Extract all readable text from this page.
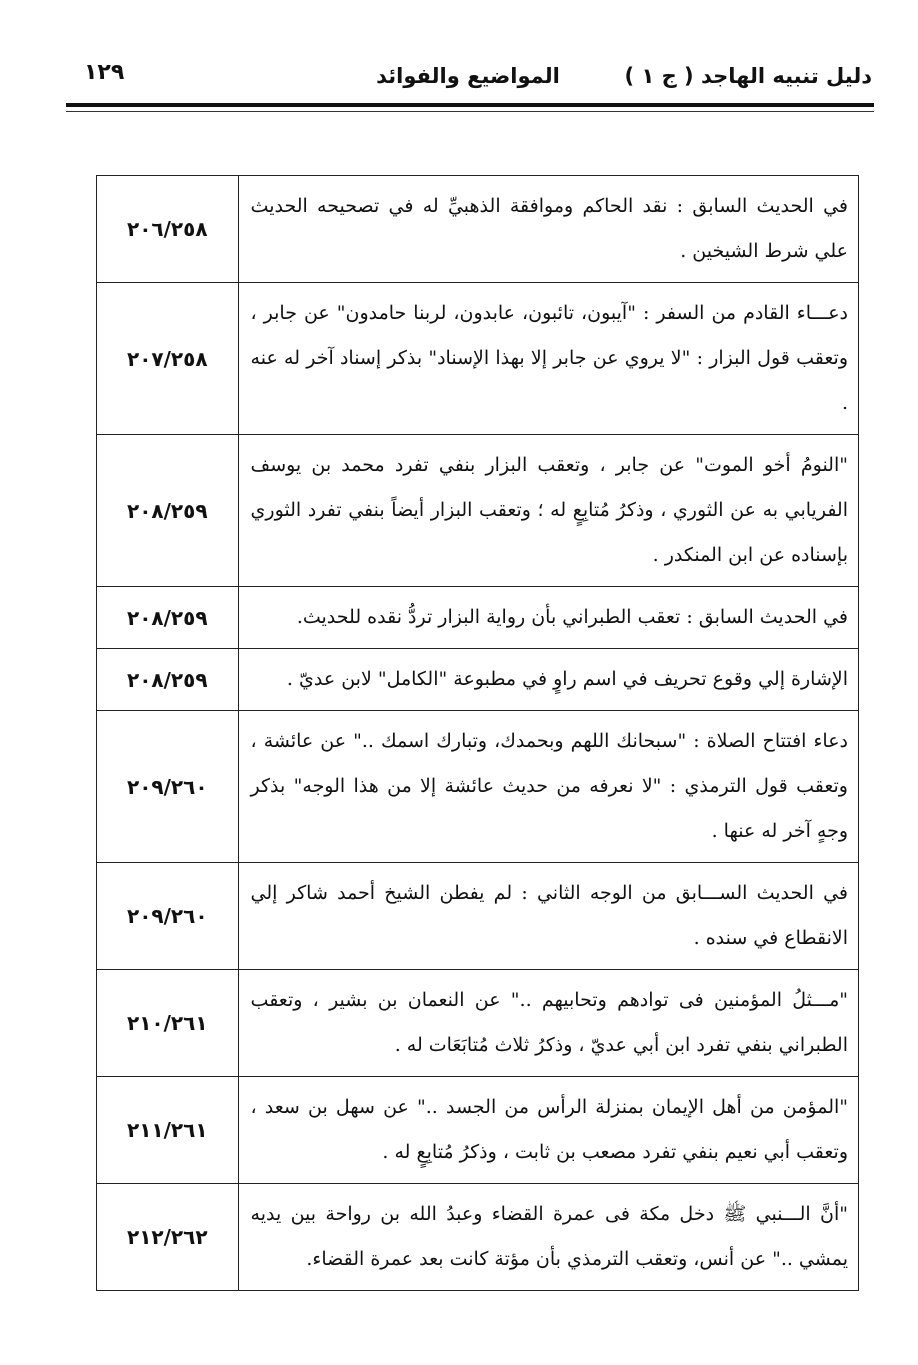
دليل تنبيه الهاجد ( ج ١ )
المواضيع والفوائد
١٢٩
في الحديث السابق : نقد الحاكم وموافقة الذهبيِّ له في تصحيحه الحديث علي شرط الشيخين .	٢٠٦/٢٥٨
دعـــاء القادم من السفر : "آيبون، تائبون، عابدون، لربنا حامدون" عن جابر ، وتعقب قول البزار : "لا يروي عن جابر إلا بهذا الإسناد" بذكر إسناد آخر له عنه .	٢٠٧/٢٥٨
"النومُ أخو الموت" عن جابر ، وتعقب البزار بنفي تفرد محمد بن يوسف الفريابي به عن الثوري ، وذكرُ مُتابِعٍ له ؛ وتعقب البزار أيضاً بنفي تفرد الثوري بإسناده عن ابن المنكدر .	٢٠٨/٢٥٩
في الحديث السابق : تعقب الطبراني بأن رواية البزار تردُّ نقده للحديث.	٢٠٨/٢٥٩
الإشارة إلي وقوع تحريف في اسم راوٍ في مطبوعة "الكامل" لابن عديّ .	٢٠٨/٢٥٩
دعاء افتتاح الصلاة : "سبحانك اللهم وبحمدك، وتبارك اسمك .." عن عائشة ، وتعقب قول الترمذي : "لا نعرفه من حديث عائشة إلا من هذا الوجه" بذكر وجهٍ آخر له عنها .	٢٠٩/٢٦٠
في الحديث الســـابق من الوجه الثاني : لم يفطن الشيخ أحمد شاكر إلي الانقطاع في سنده .	٢٠٩/٢٦٠
"مـــثلُ المؤمنين فى توادهم وتحابيهم .." عن النعمان بن بشير ، وتعقب الطبراني بنفي تفرد ابن أبي عديّ ، وذكرُ ثلاث مُتابَعَات له .	٢١٠/٢٦١
"المؤمن من أهل الإيمان بمنزلة الرأس من الجسد .." عن سهل بن سعد ، وتعقب أبي نعيم بنفي تفرد مصعب بن ثابت ، وذكرُ مُتابِعٍ له .	٢١١/٢٦١
"أنَّ الـــنبي ﷺ دخل مكة فى عمرة القضاء وعبدُ الله بن رواحة بين يديه يمشي .." عن أنس، وتعقب الترمذي بأن مؤتة كانت بعد عمرة القضاء.	٢١٢/٢٦٢
